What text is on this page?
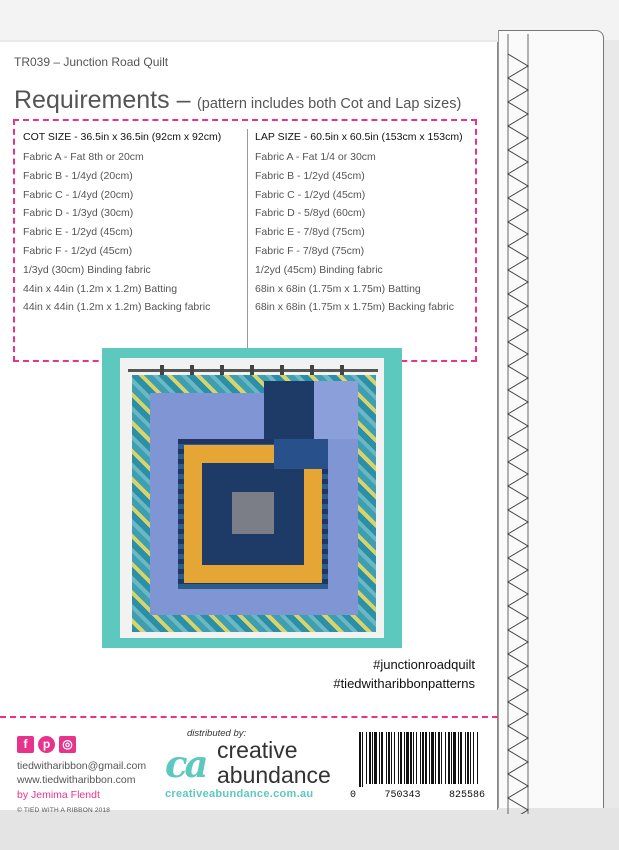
TR039 – Junction Road Quilt
Requirements – (pattern includes both Cot and Lap sizes)
COT SIZE - 36.5in x 36.5in (92cm x 92cm)
Fabric A - Fat 8th or 20cm
Fabric B - 1/4yd (20cm)
Fabric C - 1/4yd (20cm)
Fabric D - 1/3yd (30cm)
Fabric E - 1/2yd (45cm)
Fabric F - 1/2yd (45cm)
1/3yd (30cm) Binding fabric
44in x 44in (1.2m x 1.2m) Batting
44in x 44in (1.2m x 1.2m) Backing fabric
LAP SIZE - 60.5in x 60.5in (153cm x 153cm)
Fabric A - Fat 1/4 or 30cm
Fabric B - 1/2yd (45cm)
Fabric C - 1/2yd (45cm)
Fabric D - 5/8yd (60cm)
Fabric E - 7/8yd (75cm)
Fabric F - 7/8yd (75cm)
1/2yd (45cm) Binding fabric
68in x 68in (1.75m x 1.75m) Batting
68in x 68in (1.75m x 1.75m) Backing fabric
#junctionroadquilt
#tiedwitharibbonpatterns
f	p	◎
tiedwitharibbon@gmail.com
www.tiedwitharibbon.com
by Jemima Flendt
© TIED WITH A RIBBON 2018
distributed by:
ca creative
abundance
creativeabundance.com.au	0	750343	825586
